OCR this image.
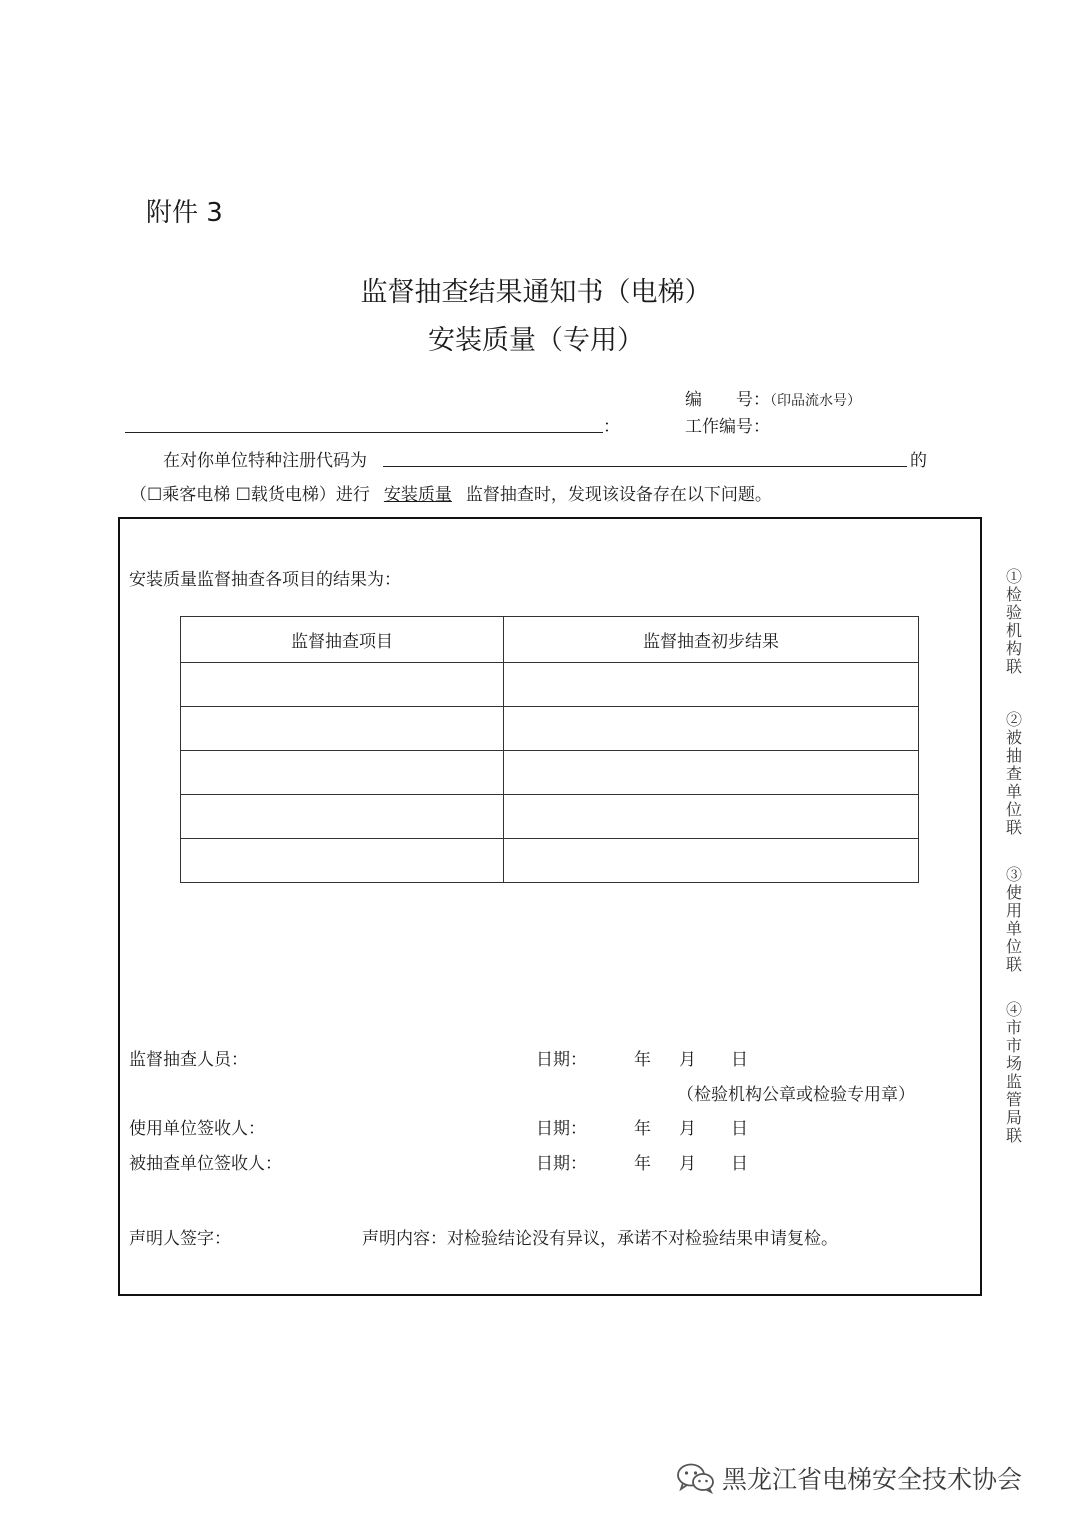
附件 3
监督抽查结果通知书（电梯）
安装质量（专用）
编　　号：（印品流水号）
工作编号：
：
在对你单位特种注册代码为	的
（☐乘客电梯 ☐载货电梯）进行 安装质量 监督抽查时，发现该设备存在以下问题。
安装质量监督抽查各项目的结果为：
监督抽查项目	监督抽查初步结果

监督抽查人员：	日期：	年 月 日
（检验机构公章或检验专用章）
使用单位签收人：	日期：	年 月 日
被抽查单位签收人：	日期：	年 月 日
声明人签字：	声明内容：对检验结论没有异议，承诺不对检验结果申请复检。
①检验机构联
②被抽查单位联
③使用单位联
④市市场监管局联
黑龙江省电梯安全技术协会
